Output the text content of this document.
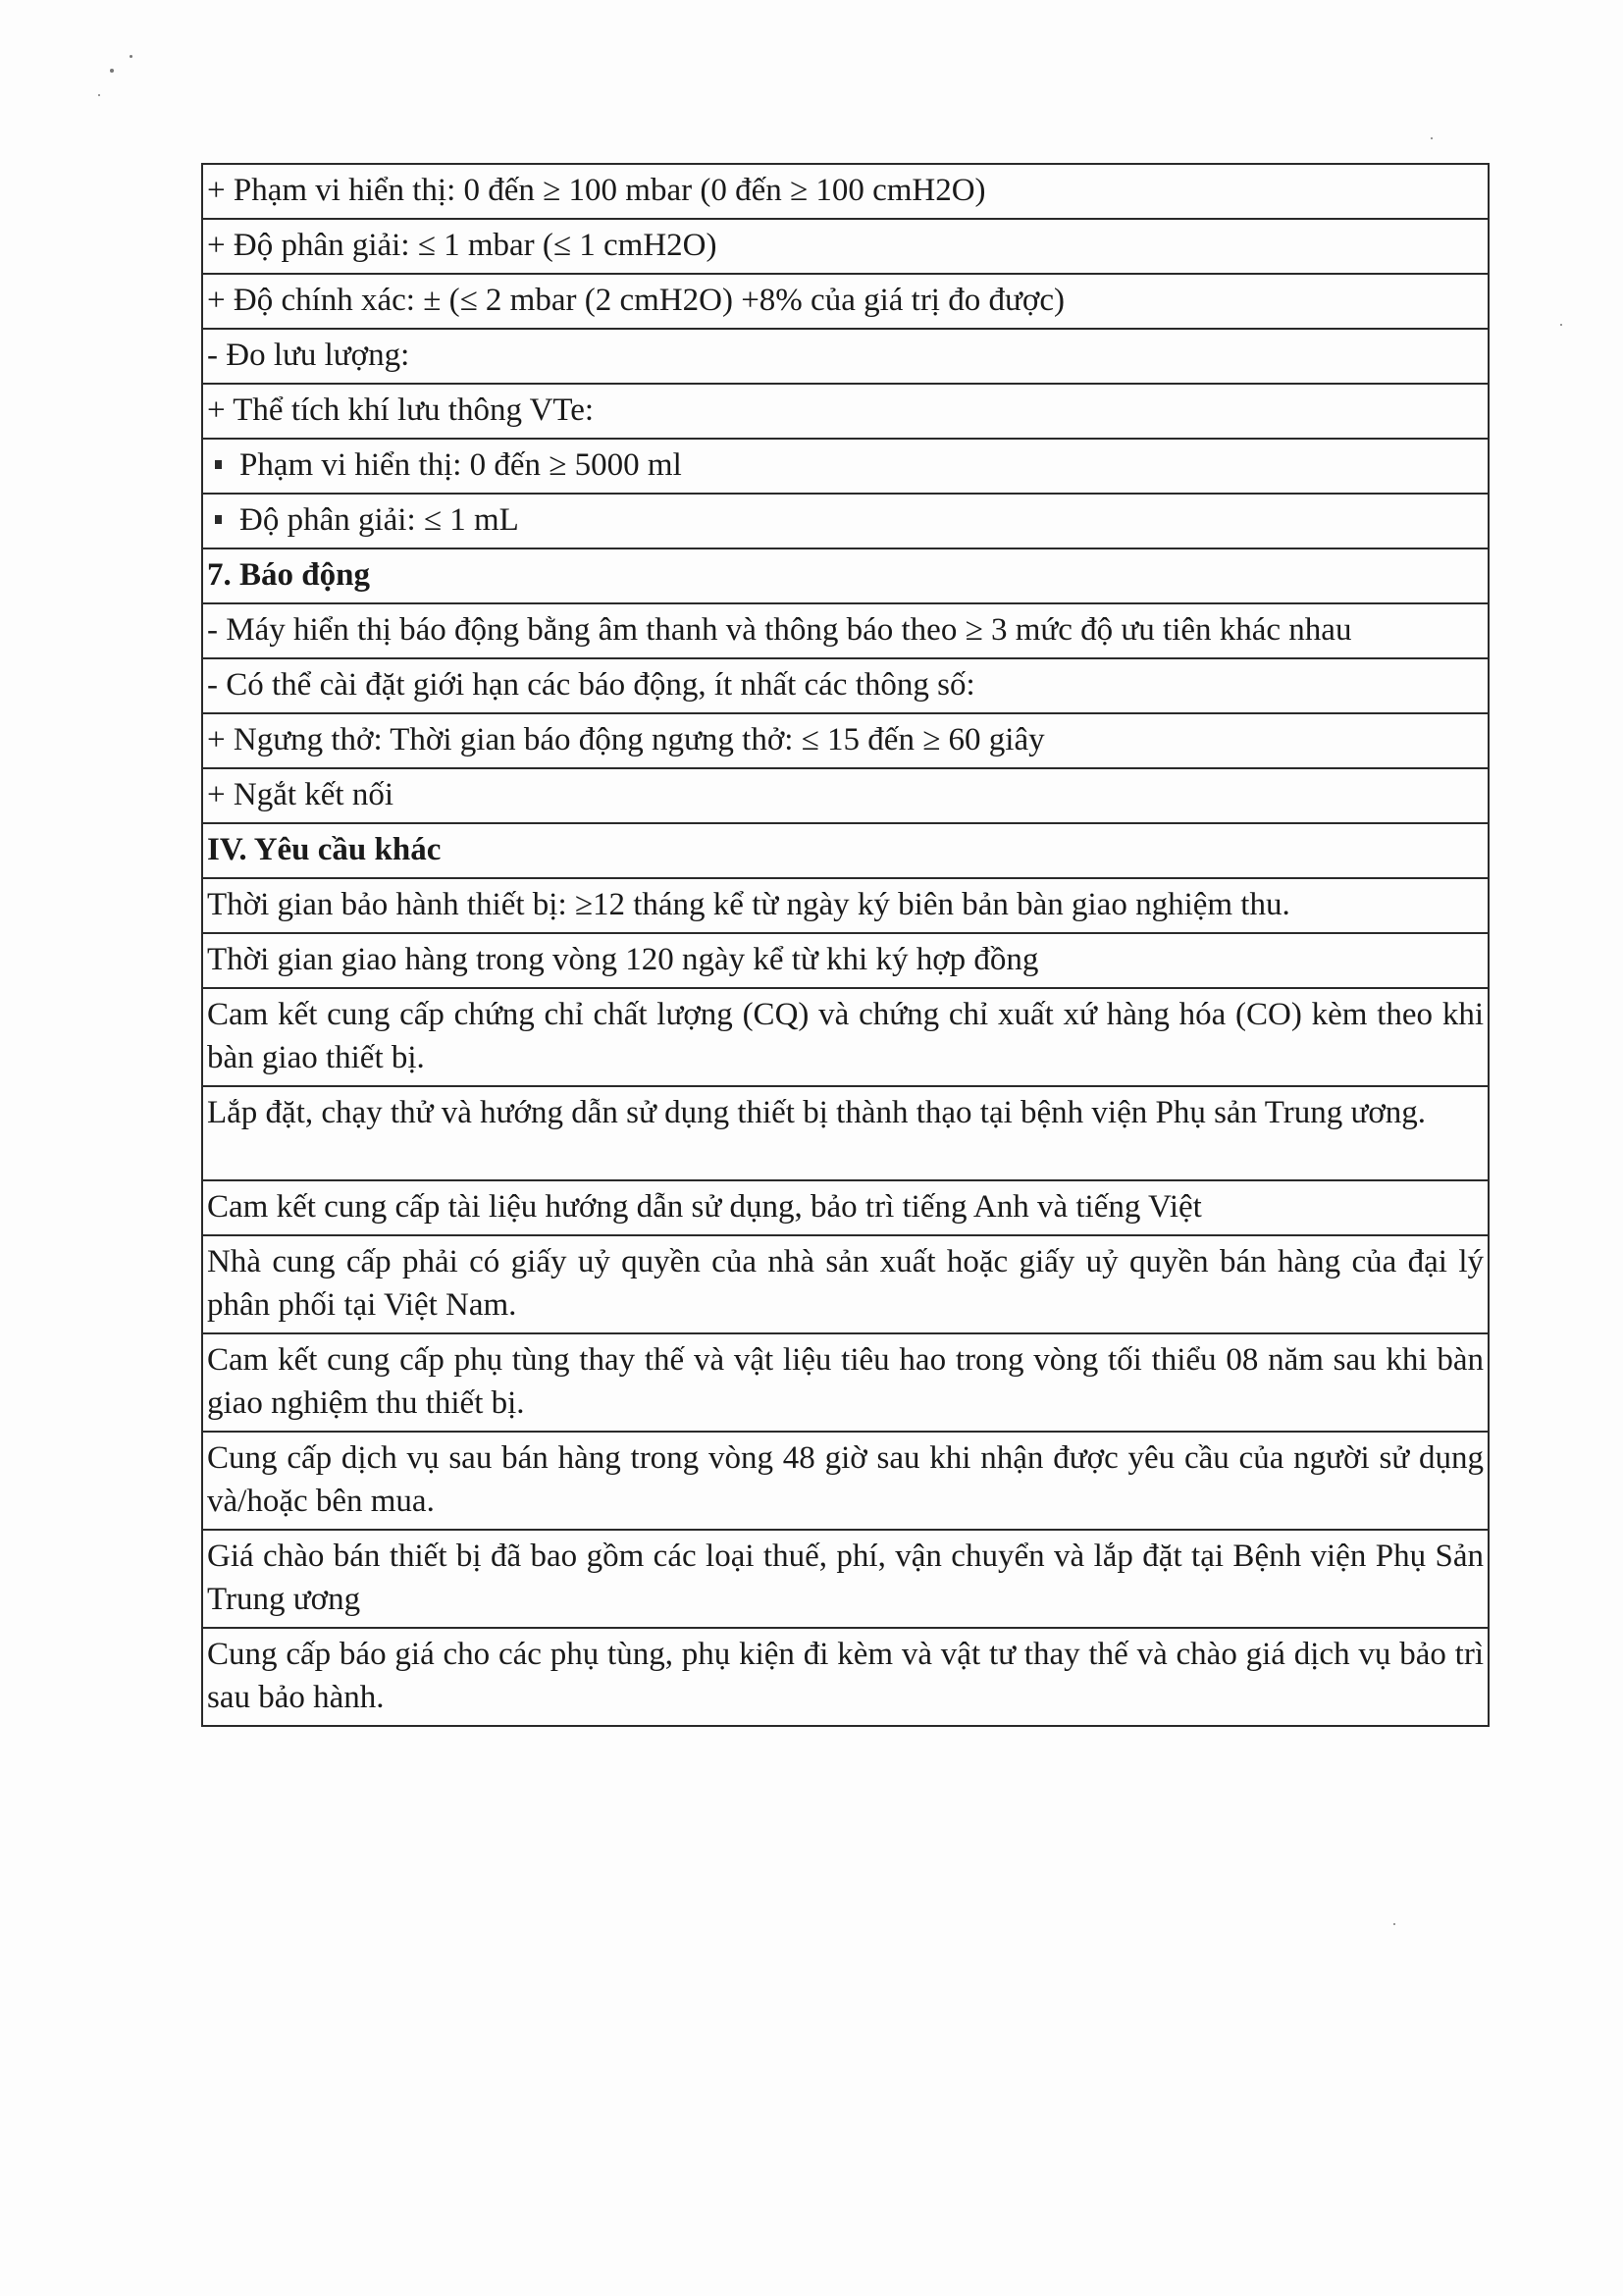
+ Phạm vi hiển thị: 0 đến ≥ 100 mbar (0 đến ≥ 100 cmH2O)
+ Độ phân giải: ≤ 1 mbar (≤ 1 cmH2O)
+ Độ chính xác: ± (≤ 2 mbar (2 cmH2O) +8% của giá trị đo được)
- Đo lưu lượng:
+ Thể tích khí lưu thông VTe:
Phạm vi hiển thị: 0 đến ≥ 5000 ml
Độ phân giải: ≤ 1 mL
7. Báo động
- Máy hiển thị báo động bằng âm thanh và thông báo theo ≥ 3 mức độ ưu tiên khác nhau
- Có thể cài đặt giới hạn các báo động, ít nhất các thông số:
+ Ngưng thở: Thời gian báo động ngưng thở: ≤ 15 đến ≥ 60 giây
+ Ngắt kết nối
IV. Yêu cầu khác
Thời gian bảo hành thiết bị: ≥12 tháng kể từ ngày ký biên bản bàn giao nghiệm thu.
Thời gian giao hàng trong vòng 120 ngày kể từ khi ký hợp đồng
Cam kết cung cấp chứng chỉ chất lượng (CQ) và chứng chỉ xuất xứ hàng hóa (CO) kèm theo khi bàn giao thiết bị.
Lắp đặt, chạy thử và hướng dẫn sử dụng thiết bị thành thạo tại bệnh viện Phụ sản Trung ương.
Cam kết cung cấp tài liệu hướng dẫn sử dụng, bảo trì tiếng Anh và tiếng Việt
Nhà cung cấp phải có giấy uỷ quyền của nhà sản xuất hoặc giấy uỷ quyền bán hàng của đại lý phân phối tại Việt Nam.
Cam kết cung cấp phụ tùng thay thế và vật liệu tiêu hao trong vòng tối thiểu 08 năm sau khi bàn giao nghiệm thu thiết bị.
Cung cấp dịch vụ sau bán hàng trong vòng 48 giờ sau khi nhận được yêu cầu của người sử dụng và/hoặc bên mua.
Giá chào bán thiết bị đã bao gồm các loại thuế, phí, vận chuyển và lắp đặt tại Bệnh viện Phụ Sản Trung ương
Cung cấp báo giá cho các phụ tùng, phụ kiện đi kèm và vật tư thay thế và chào giá dịch vụ bảo trì sau bảo hành.
